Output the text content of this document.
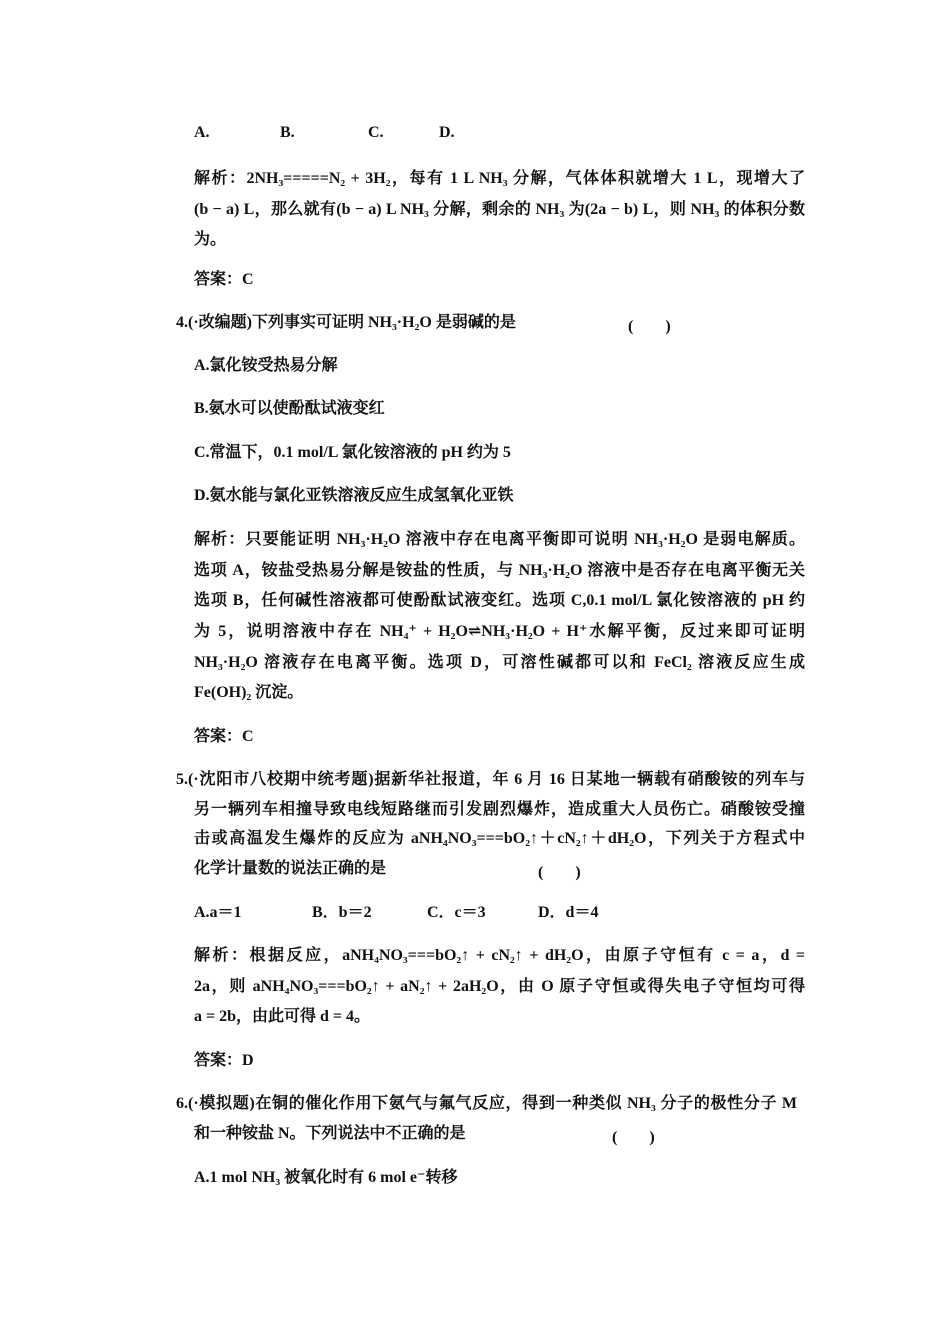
A.	B.	C.	D.
解析：2NH₃=====N₂ + 3H₂，每有 1 L NH₃ 分解，气体体积就增大 1 L，现增大了
(b − a) L，那么就有(b − a) L NH₃ 分解，剩余的 NH₃ 为(2a − b) L，则 NH₃ 的体积分数
为。
答案：C
4.(·改编题)下列事实可证明 NH₃·H₂O 是弱碱的是	(　　)
A.氯化铵受热易分解
B.氨水可以使酚酞试液变红
C.常温下，0.1 mol/L 氯化铵溶液的 pH 约为 5
D.氨水能与氯化亚铁溶液反应生成氢氧化亚铁
解析：只要能证明 NH₃·H₂O 溶液中存在电离平衡即可说明 NH₃·H₂O 是弱电解质。
选项 A，铵盐受热易分解是铵盐的性质，与 NH₃·H₂O 溶液中是否存在电离平衡无关
选项 B，任何碱性溶液都可使酚酞试液变红。选项 C,0.1 mol/L 氯化铵溶液的 pH 约
为 5，说明溶液中存在 NH₄⁺ + H₂O⇌NH₃·H₂O + H⁺水解平衡，反过来即可证明
NH₃·H₂O 溶液存在电离平衡。选项 D，可溶性碱都可以和 FeCl₂ 溶液反应生成
Fe(OH)₂ 沉淀。
答案：C
5.(·沈阳市八校期中统考题)据新华社报道，年 6 月 16 日某地一辆载有硝酸铵的列车与
另一辆列车相撞导致电线短路继而引发剧烈爆炸，造成重大人员伤亡。硝酸铵受撞
击或高温发生爆炸的反应为 aNH₄NO₃===bO₂↑＋cN₂↑＋dH₂O，下列关于方程式中
化学计量数的说法正确的是	(　　)
A.a＝1	B．b＝2	C．c＝3	D．d＝4
解析：根据反应，aNH₄NO₃===bO₂↑ + cN₂↑ + dH₂O，由原子守恒有 c = a，d =
2a，则 aNH₄NO₃===bO₂↑ + aN₂↑ + 2aH₂O，由 O 原子守恒或得失电子守恒均可得
a = 2b，由此可得 d = 4。
答案：D
6.(·模拟题)在铜的催化作用下氨气与氟气反应，得到一种类似 NH₃ 分子的极性分子 M
和一种铵盐 N。下列说法中不正确的是	(　　)
A.1 mol NH₃ 被氧化时有 6 mol e⁻转移
